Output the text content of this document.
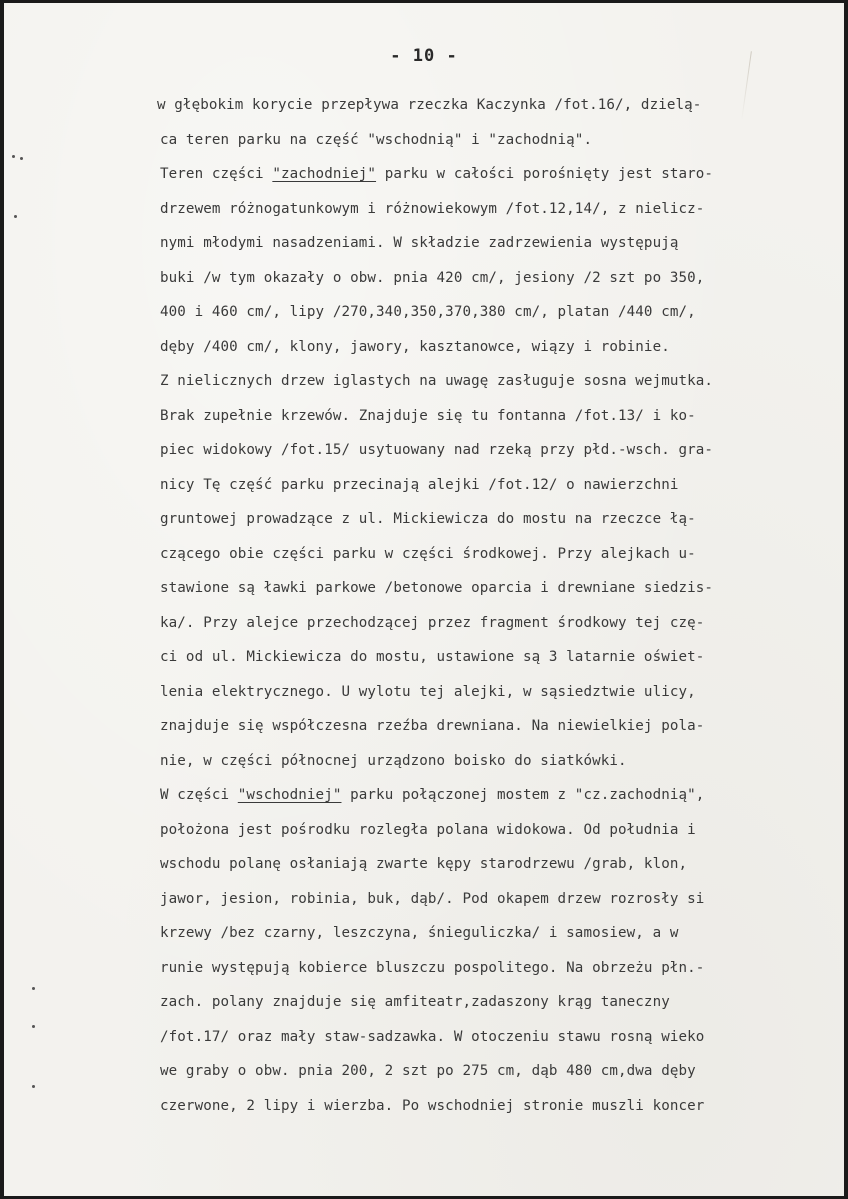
- 10 -
w głębokim korycie przepływa rzeczka Kaczynka /fot.16/, dzielą-
ca teren parku na część "wschodnią" i "zachodnią".
Teren części "zachodniej" parku w całości porośnięty jest staro-
drzewem różnogatunkowym i różnowiekowym /fot.12,14/, z nielicz-
nymi młodymi nasadzeniami. W składzie zadrzewienia występują
buki /w tym okazały o obw. pnia 420 cm/, jesiony /2 szt po 350,
400 i 460 cm/, lipy /270,340,350,370,380 cm/, platan /440 cm/,
dęby /400 cm/, klony, jawory, kasztanowce, wiązy i robinie.
Z nielicznych drzew iglastych na uwagę zasługuje sosna wejmutka.
Brak zupełnie krzewów. Znajduje się tu fontanna /fot.13/ i ko-
piec widokowy /fot.15/ usytuowany nad rzeką przy płd.-wsch. gra-
nicy Tę część parku przecinają alejki /fot.12/ o nawierzchni
gruntowej prowadzące z ul. Mickiewicza do mostu na rzeczce łą-
czącego obie części parku w części środkowej. Przy alejkach u-
stawione są ławki parkowe /betonowe oparcia i drewniane siedzis-
ka/. Przy alejce przechodzącej przez fragment środkowy tej czę-
ci od ul. Mickiewicza do mostu, ustawione są 3 latarnie oświet-
lenia elektrycznego. U wylotu tej alejki, w sąsiedztwie ulicy,
znajduje się współczesna rzeźba drewniana. Na niewielkiej pola-
nie, w części północnej urządzono boisko do siatkówki.
W części "wschodniej" parku połączonej mostem z "cz.zachodnią",
położona jest pośrodku rozległa polana widokowa. Od południa i
wschodu polanę osłaniają zwarte kępy starodrzewu /grab, klon,
jawor, jesion, robinia, buk, dąb/. Pod okapem drzew rozrosły si
krzewy /bez czarny, leszczyna, śnieguliczka/ i samosiew, a w
runie występują kobierce bluszczu pospolitego. Na obrzeżu płn.-
zach. polany znajduje się amfiteatr,zadaszony krąg taneczny
/fot.17/ oraz mały staw-sadzawka. W otoczeniu stawu rosną wieko
we graby o obw. pnia 200, 2 szt po 275 cm, dąb 480 cm,dwa dęby
czerwone, 2 lipy i wierzba. Po wschodniej stronie muszli koncer
